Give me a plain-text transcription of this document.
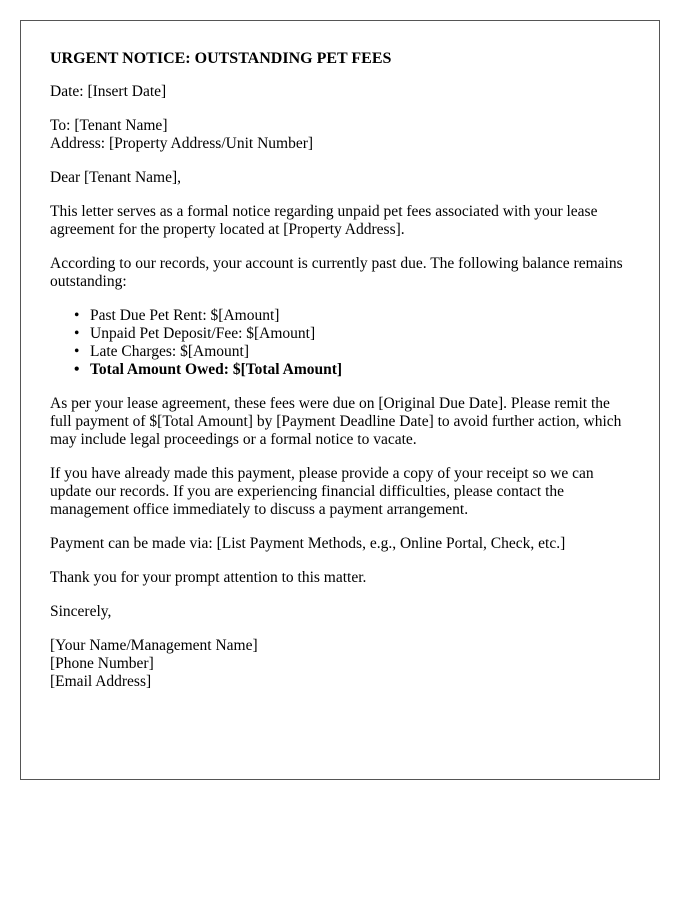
URGENT NOTICE: OUTSTANDING PET FEES

Date: [Insert Date]

To: [Tenant Name]

Address: [Property Address/Unit Number]

Dear [Tenant Name],

This letter serves as a formal notice regarding unpaid pet fees associated with your lease agreement for the property located at [Property Address].

According to our records, your account is currently past due. The following balance remains outstanding:

• Past Due Pet Rent: $[Amount]
• Unpaid Pet Deposit/Fee: $[Amount]
• Late Charges: $[Amount]
• Total Amount Owed: $[Total Amount]

As per your lease agreement, these fees were due on [Original Due Date]. Please remit the full payment of $[Total Amount] by [Payment Deadline Date] to avoid further action, which may include legal proceedings or a formal notice to vacate.

If you have already made this payment, please provide a copy of your receipt so we can update our records. If you are experiencing financial difficulties, please contact the management office immediately to discuss a payment arrangement.

Payment can be made via: [List Payment Methods, e.g., Online Portal, Check, etc.]

Thank you for your prompt attention to this matter.

Sincerely,

[Your Name/Management Name]

[Phone Number]

[Email Address]
